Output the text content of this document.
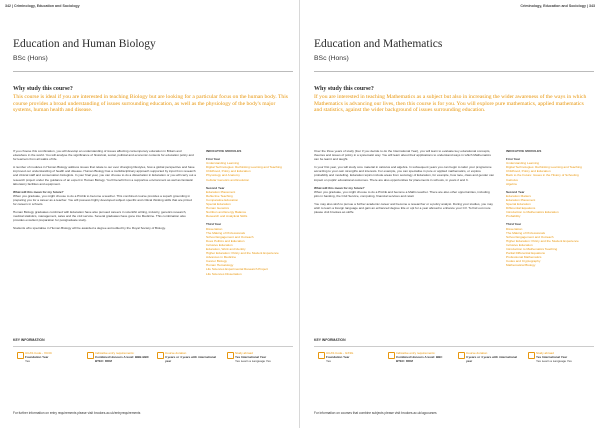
342 | Criminology, Education and Sociology
Education and Human Biology
BSc (Hons)
Why study this course?
This course is ideal if you are interested in teaching Biology but are looking for a particular focus on the human body. This course provides a broad understanding of issues surrounding education, as well as the physiology of the body's major systems, human health and disease.

If you choose this combination, you will develop an understanding of issues affecting contemporary education in Britain and elsewhere in the world. You will analyse the significance of historical, social, political and economic contexts for education policy and for learners from all walks of life.

A number of modules in Human Biology address issues that relate to our ever changing lifestyles, how a global perspective and have improved our understanding of health and disease. Human Biology has a multidisciplinary approach supported by input from research and clinical staff and conservation biologists. In your final year, you can choose to do a dissertation in Education or you will carry out a research project under the guidance of an expert in Human Biology. You'll benefit from a supportive environment as well as fantastic laboratory facilities and equipment.

What will this mean for my future?

When you graduate, you might choose to do a PGCE to become a teacher. This combined course provides a superb grounding in preparing you for a career as a teacher. You will possess highly developed subject specific and critical thinking skills that are prized for careers in schools.

Human Biology graduates combined with Education have also pursued careers in scientific writing, industry, genetics research, medical statistics, management, sales and the civil service. Several graduates have gone into Medicine. This combination also provides excellent preparation for postgraduate study.

Students who specialise in Human Biology will be awarded a degree accredited by the Royal Society of Biology.

INDICATIVE MODULES
First Year
Understanding Learning
Digital Technologies: Rethinking Learning and Teaching
Childhood, Policy and Education
Physiology and Anatomy
Cellular Genetics and Evolution
Second Year
Education Placement
Reflective Teaching
Comparative Education
Special Education
Human Genetics
Nutrition and Energy Balance
Research and Analytical Skills
Third Year
Dissertation
The Making of Professionals
School Engagement and Outreach
Does Politics and Education
Inclusive Education
Education, Work and Identity
Higher Education: Policy and the Student Experience
Advances in Medicine
Cancer Biology
Human Hematology
Life Sciences Experimental Research Project
Life Sciences Dissertation
KEY INFORMATION
UCAS Code - XC3C
Foundation Year
Yes
Indicative entry requirements:
Combined Honours A level: BBB-BBC
BTEC: DDM
Course duration
3 years or 4 years with international year
Study abroad
Yes International Year
Yes Learn a Language Yes
For further information on entry requirements please visit brookes.ac.uk/entryrequirements
Criminology, Education and Sociology | 343
Education and Mathematics
BSc (Hons)
Why study this course?
If you are interested in teaching Mathematics as a subject but also in increasing the wider awareness of the ways in which Mathematics is advancing our lives, then this course is for you. You will explore pure mathematics, applied mathematics and statistics, against the wider background of issues surrounding education.

Over the three years of study (four if you decide to do the International Year), you will learn to evaluate key educational concepts, theories and issues of policy in a systematic way. You will learn about their applications to understand ways in which Mathematics can be learnt and taught.

In your first year, you will study core material in calculus and algebra. In subsequent years you can begin to tailor your programme according to your own strengths and interests. For example, you can specialise in pure or applied mathematics, or explore probability and modelling. Education topics include areas from sociology of Education, for example, how race, class and gender can impact on pupils' educational outcomes. There are also opportunities for placements in schools, in years 2 and 3.

What will this mean for my future?

When you graduate, you might choose to do a PGCE and become a Maths teacher. There are also other opportunities, including jobs in banking, the Civil Service, computing, financial services and retail.

You may also wish to pursue a further academic career and become a researcher or a policy analyst. During your studies, you may wish to learn a foreign language and gain an enhanced degree title or opt for a year abroad to enhance your CV. To find out more please visit brookes.ac.uk/lfe

INDICATIVE MODULES
First Year
Understanding Learning
Digital Technologies: Rethinking Learning and Teaching
Childhood, Policy and Education
Back to the Future: Issues in the History of Schooling
Calculus
Algebra
Second Year
Education Matters
Education Placement
Special Education
Differential Equations
Introduction to Mathematics Education
Probability
Third Year
Dissertation
The Making of Professionals
School Engagement and Outreach
Higher Education: Policy and the Student Experience
Inclusive Education
Introduction to Mathematics Teaching
Partial Differential Equations
Professional Mathematics
Codes and Cryptography
Mathematical Biology
KEY INFORMATION
UCAS Code - GX3G
Foundation Year
Yes
Indicative entry requirements:
Combined Honours A level: BBC
BTEC: DDM
Course duration
3 years or 4 years with international year
Study abroad
Yes International Year
Yes Learn a Language Yes
For information on courses that combine subjects please visit brookes.ac.uk/ugcourses
